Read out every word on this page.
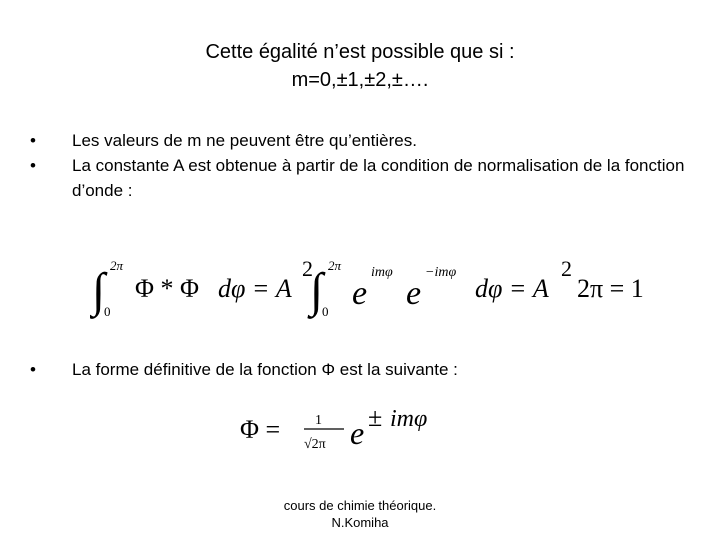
Cette égalité n’est possible que si :
m=0,±1,±2,±….
•	Les valeurs de m ne peuvent être qu’entières.
•	La constante A est obtenue à partir de la condition de normalisation de la fonction d’onde :
∫ 2π
0
Φ * Φ dφ = A
2
∫ 2π
0 e
imφ
e
−imφ
dφ = A
2
2π = 1
•	La forme définitive de la fonction Φ est la suivante :
Φ = 1
√2π e ± imφ
cours de chimie théorique.
N.Komiha
